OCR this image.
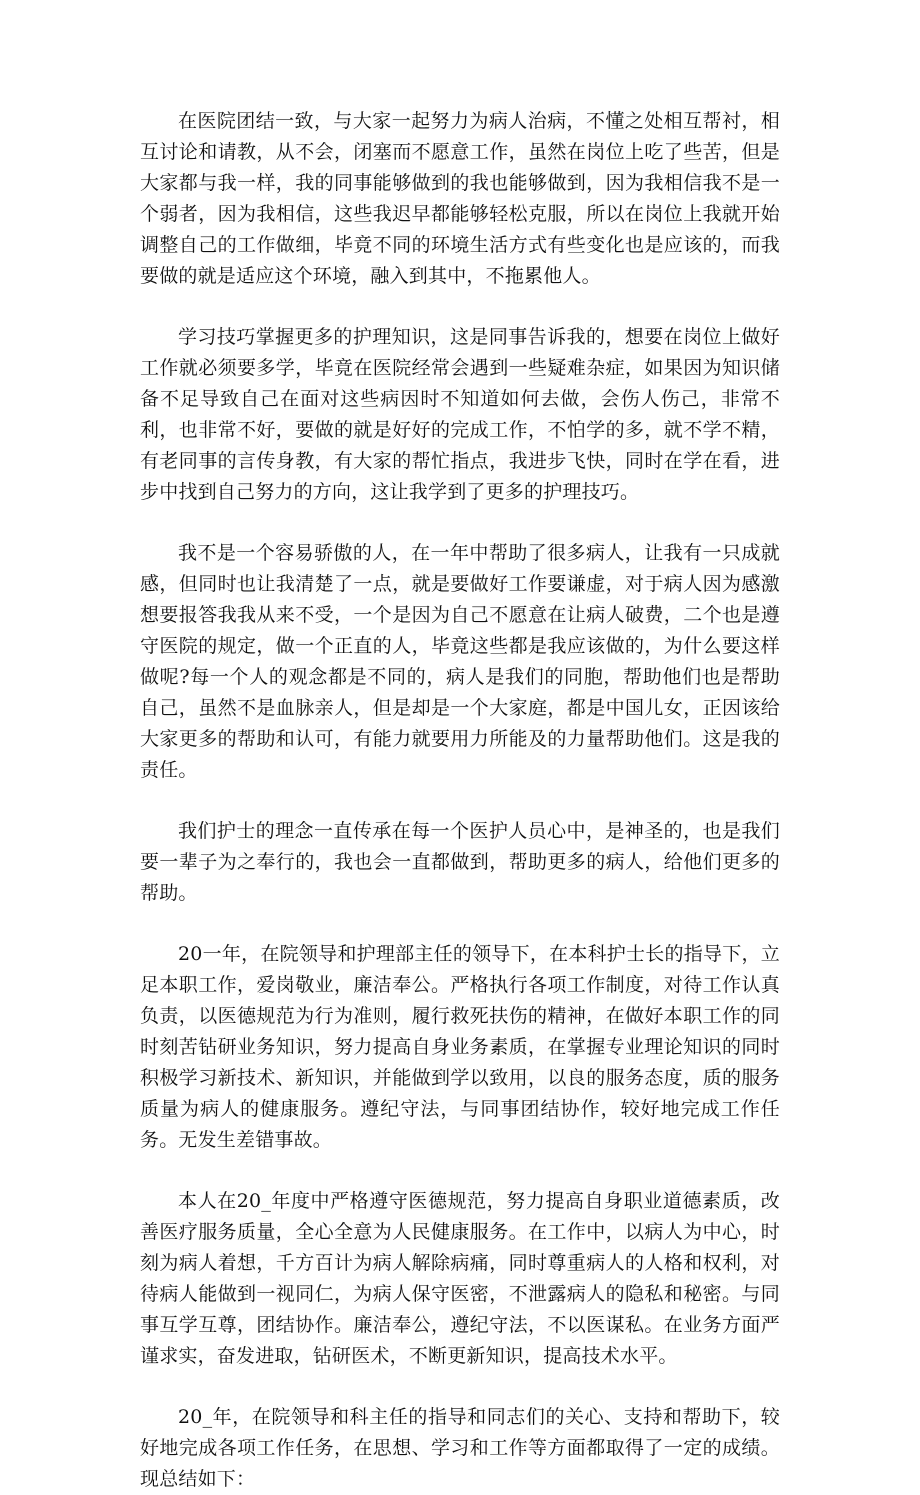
在医院团结一致，与大家一起努力为病人治病，不懂之处相互帮衬，相互讨论和请教，从不会，闭塞而不愿意工作，虽然在岗位上吃了些苦，但是大家都与我一样，我的同事能够做到的我也能够做到，因为我相信我不是一个弱者，因为我相信，这些我迟早都能够轻松克服，所以在岗位上我就开始调整自己的工作做细，毕竟不同的环境生活方式有些变化也是应该的，而我要做的就是适应这个环境，融入到其中，不拖累他人。

学习技巧掌握更多的护理知识，这是同事告诉我的，想要在岗位上做好工作就必须要多学，毕竟在医院经常会遇到一些疑难杂症，如果因为知识储备不足导致自己在面对这些病因时不知道如何去做，会伤人伤己，非常不利，也非常不好，要做的就是好好的完成工作，不怕学的多，就不学不精，有老同事的言传身教，有大家的帮忙指点，我进步飞快，同时在学在看，进步中找到自己努力的方向，这让我学到了更多的护理技巧。

我不是一个容易骄傲的人，在一年中帮助了很多病人，让我有一只成就感，但同时也让我清楚了一点，就是要做好工作要谦虚，对于病人因为感激想要报答我我从来不受，一个是因为自己不愿意在让病人破费，二个也是遵守医院的规定，做一个正直的人，毕竟这些都是我应该做的，为什么要这样做呢?每一个人的观念都是不同的，病人是我们的同胞，帮助他们也是帮助自己，虽然不是血脉亲人，但是却是一个大家庭，都是中国儿女，正因该给大家更多的帮助和认可，有能力就要用力所能及的力量帮助他们。这是我的责任。

我们护士的理念一直传承在每一个医护人员心中，是神圣的，也是我们要一辈子为之奉行的，我也会一直都做到，帮助更多的病人，给他们更多的帮助。

20一年，在院领导和护理部主任的领导下，在本科护士长的指导下，立足本职工作，爱岗敬业，廉洁奉公。严格执行各项工作制度，对待工作认真负责，以医德规范为行为准则，履行救死扶伤的精神，在做好本职工作的同时刻苦钻研业务知识，努力提高自身业务素质，在掌握专业理论知识的同时积极学习新技术、新知识，并能做到学以致用，以良的服务态度，质的服务质量为病人的健康服务。遵纪守法，与同事团结协作，较好地完成工作任务。无发生差错事故。

本人在20_年度中严格遵守医德规范，努力提高自身职业道德素质，改善医疗服务质量，全心全意为人民健康服务。在工作中，以病人为中心，时刻为病人着想，千方百计为病人解除病痛，同时尊重病人的人格和权利，对待病人能做到一视同仁，为病人保守医密，不泄露病人的隐私和秘密。与同事互学互尊，团结协作。廉洁奉公，遵纪守法，不以医谋私。在业务方面严谨求实，奋发进取，钻研医术，不断更新知识，提高技术水平。

20_年，在院领导和科主任的指导和同志们的关心、支持和帮助下，较好地完成各项工作任务，在思想、学习和工作等方面都取得了一定的成绩。现总结如下：
